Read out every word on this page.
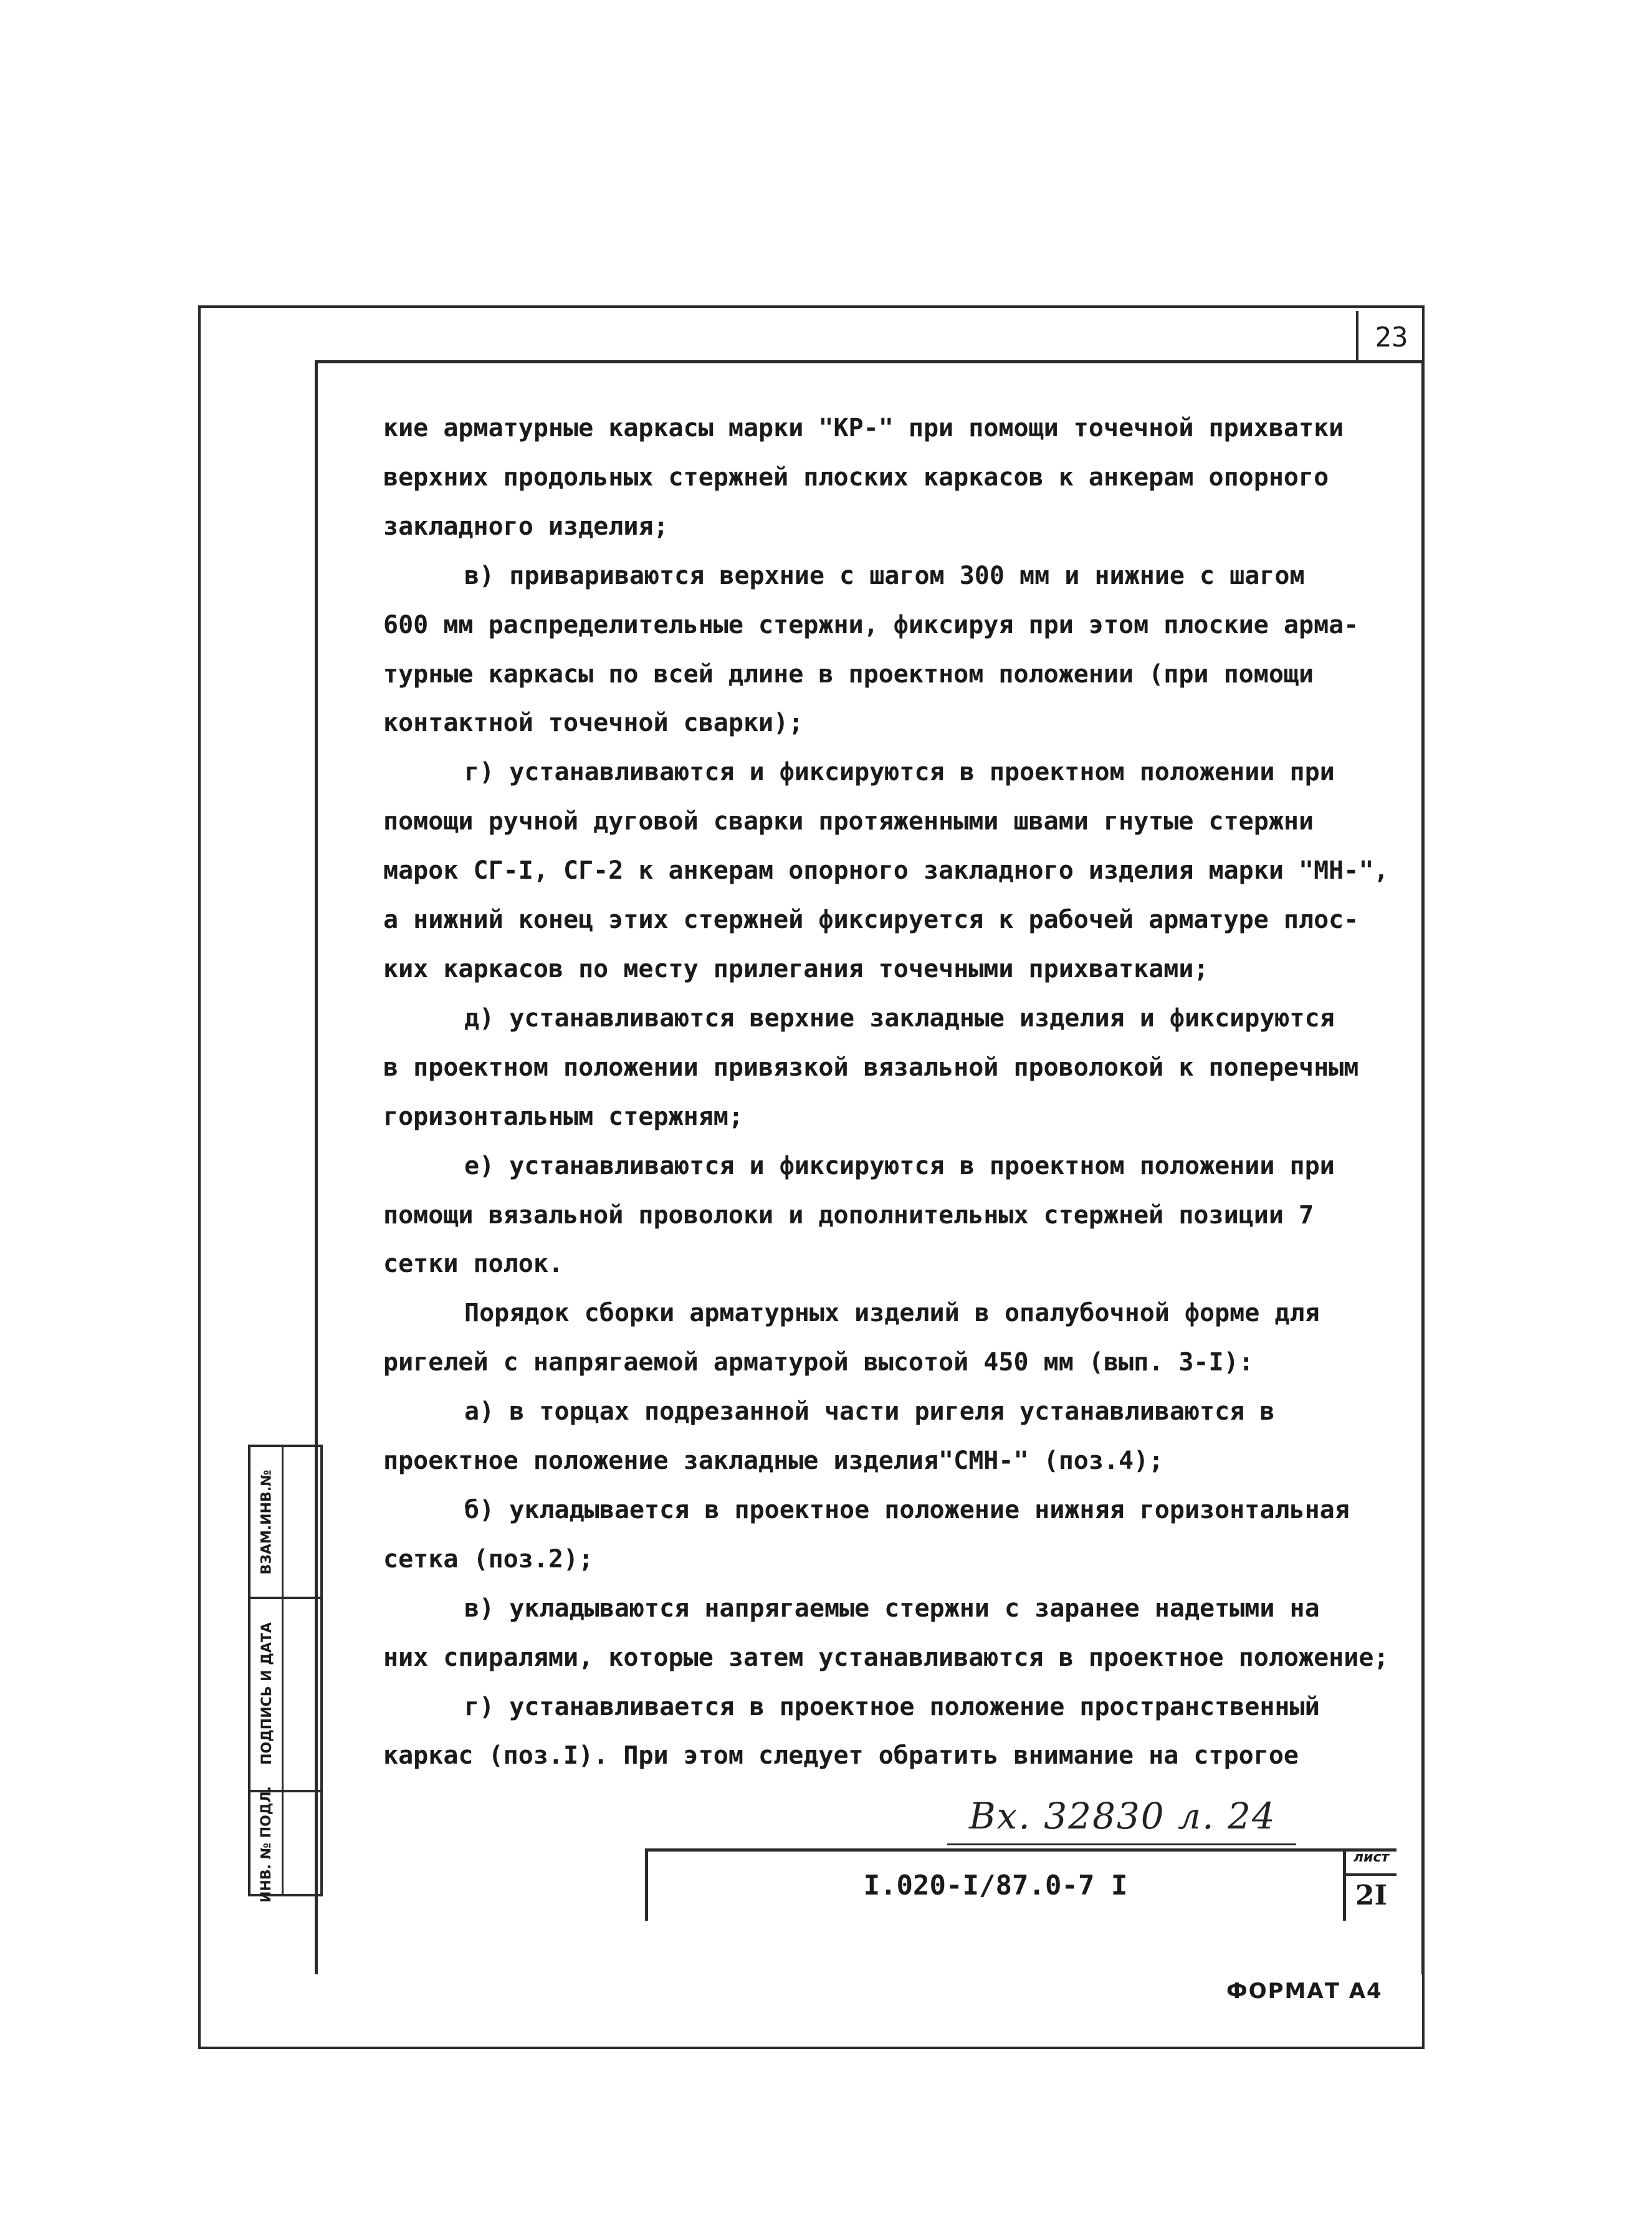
23

кие арматурные каркасы марки "КР-" при помощи точечной прихватки

верхних продольных стержней плоских каркасов к анкерам опорного

закладного изделия;

в) привариваются верхние с шагом 300 мм и нижние с шагом

600 мм распределительные стержни, фиксируя при этом плоские арма-

турные каркасы по всей длине в проектном положении (при помощи

контактной точечной сварки);

г) устанавливаются и фиксируются в проектном положении при

помощи ручной дуговой сварки протяженными швами гнутые стержни

марок СГ-I, СГ-2 к анкерам опорного закладного изделия марки "МН-",

а нижний конец этих стержней фиксируется к рабочей арматуре плос-

ких каркасов по месту прилегания точечными прихватками;

д) устанавливаются верхние закладные изделия и фиксируются

в проектном положении привязкой вязальной проволокой к поперечным

горизонтальным стержням;

е) устанавливаются и фиксируются в проектном положении при

помощи вязальной проволоки и дополнительных стержней позиции 7

сетки полок.

Порядок сборки арматурных изделий в опалубочной форме для

ригелей с напрягаемой арматурой высотой 450 мм (вып. 3-I):

а) в торцах подрезанной части ригеля устанавливаются в

проектное положение закладные изделия"СМН-" (поз.4);

б) укладывается в проектное положение нижняя горизонтальная

сетка (поз.2);

в) укладываются напрягаемые стержни с заранее надетыми на

них спиралями, которые затем устанавливаются в проектное положение;

г) устанавливается в проектное положение пространственный

каркас (поз.I). При этом следует обратить внимание на строгое

ВЗАМ.ИНВ.№
ПОДПИСЬ И ДАТА
ИНВ. № ПОДЛ.	Вх. 32830 л. 24
I.020-I/87.0-7 I
лист
2I
ФОРМАТ А4
